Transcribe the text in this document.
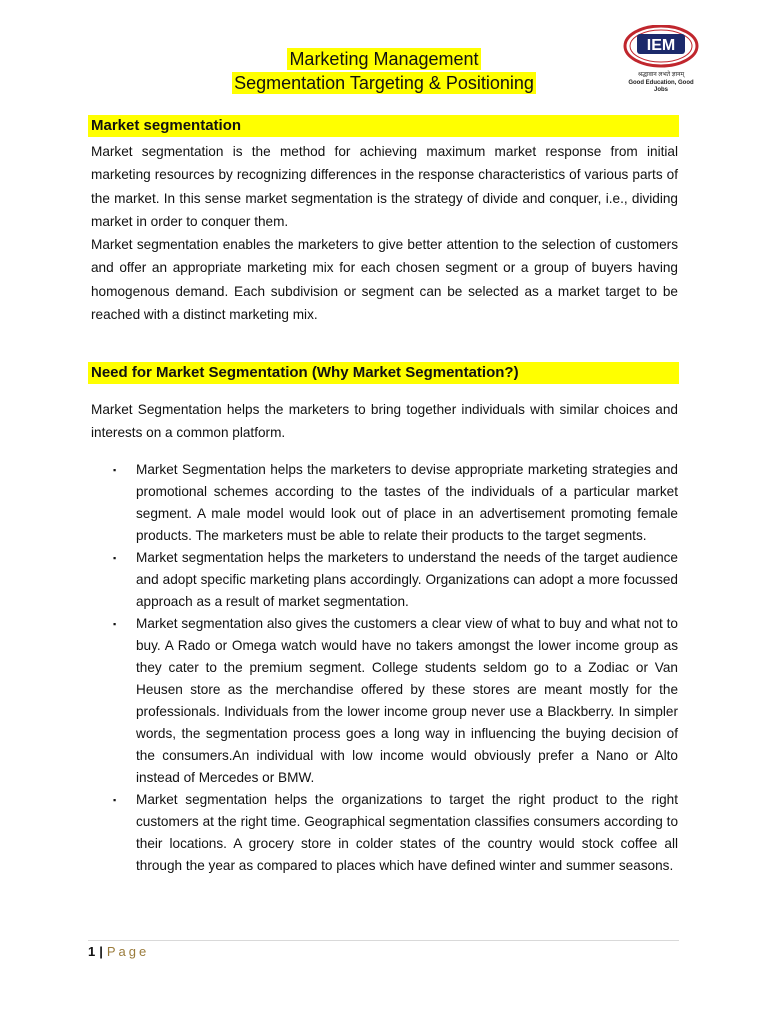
Marketing Management
Segmentation Targeting & Positioning
IEM
श्रद्धावान लभते ज्ञानम्
Good Education, Good Jobs
Market segmentation

Market segmentation is the method for achieving maximum market response from initial marketing resources by recognizing differences in the response characteristics of various parts of the market. In this sense market segmentation is the strategy of divide and conquer, i.e., dividing market in order to conquer them.

Market segmentation enables the marketers to give better attention to the selection of customers and offer an appropriate marketing mix for each chosen segment or a group of buyers having homogenous demand. Each subdivision or segment can be selected as a market target to be reached with a distinct marketing mix.

Need for Market Segmentation (Why Market Segmentation?)

Market Segmentation helps the marketers to bring together individuals with similar choices and interests on a common platform.

▪ Market Segmentation helps the marketers to devise appropriate marketing strategies and promotional schemes according to the tastes of the individuals of a particular market segment. A male model would look out of place in an advertisement promoting female products. The marketers must be able to relate their products to the target segments.
▪ Market segmentation helps the marketers to understand the needs of the target audience and adopt specific marketing plans accordingly. Organizations can adopt a more focussed approach as a result of market segmentation.
▪ Market segmentation also gives the customers a clear view of what to buy and what not to buy. A Rado or Omega watch would have no takers amongst the lower income group as they cater to the premium segment. College students seldom go to a Zodiac or Van Heusen store as the merchandise offered by these stores are meant mostly for the professionals. Individuals from the lower income group never use a Blackberry. In simpler words, the segmentation process goes a long way in influencing the buying decision of the consumers.An individual with low income would obviously prefer a Nano or Alto instead of Mercedes or BMW.
▪ Market segmentation helps the organizations to target the right product to the right customers at the right time. Geographical segmentation classifies consumers according to their locations. A grocery store in colder states of the country would stock coffee all through the year as compared to places which have defined winter and summer seasons.
1 | Page
